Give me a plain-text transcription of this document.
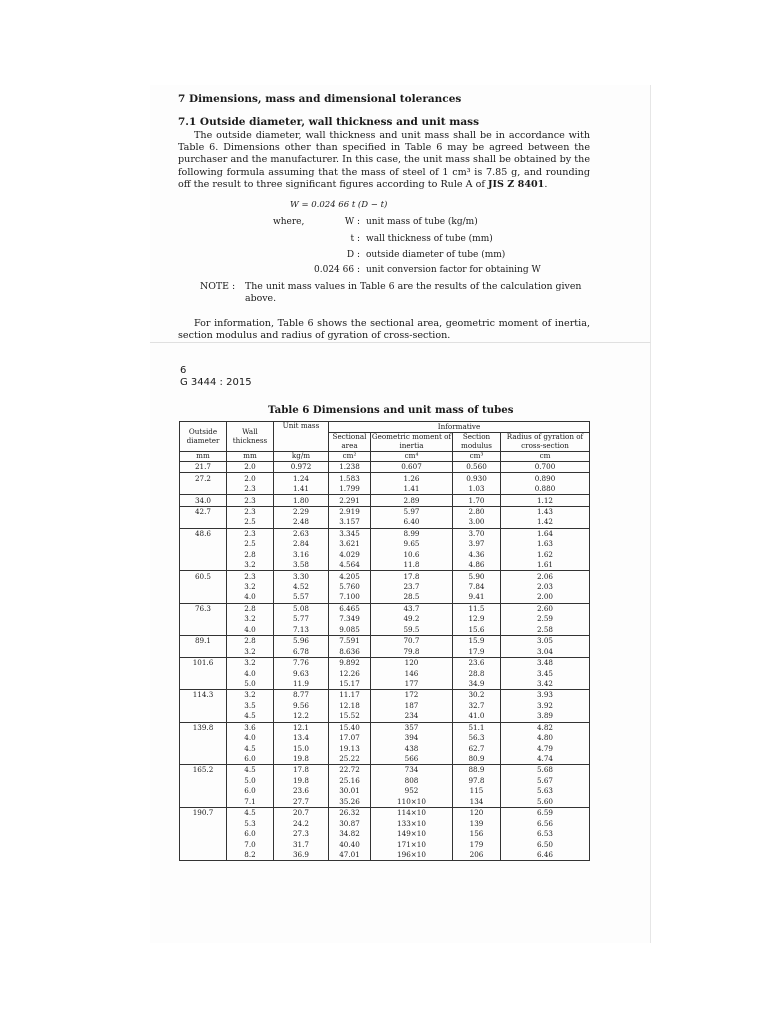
7 Dimensions, mass and dimensional tolerances
7.1 Outside diameter, wall thickness and unit mass
The outside diameter, wall thickness and unit mass shall be in accordance with Table 6. Dimensions other than specified in Table 6 may be agreed between the purchaser and the manufacturer. In this case, the unit mass shall be obtained by the following formula assuming that the mass of steel of 1 cm³ is 7.85 g, and rounding off the result to three significant figures according to Rule A of JIS Z 8401.
W = 0.024 66 t (D − t)
where,	W : unit mass of tube (kg/m)
t : wall thickness of tube (mm)
D : outside diameter of tube (mm)
0.024 66 : unit conversion factor for obtaining W
NOTE : The unit mass values in Table 6 are the results of the calculation given above.
For information, Table 6 shows the sectional area, geometric moment of inertia, section modulus and radius of gyration of cross-section.
6
G 3444 : 2015
Table 6 Dimensions and unit mass of tubes
Outside diameter	Wall thickness	Unit mass	Informative			
			Sectional area	Geometric moment of inertia	Section modulus	Radius of gyration of cross-section
mm	mm	kg/m	cm²	cm⁴	cm³	cm
21.7	2.0	0.972	1.238	0.607	0.560	0.700
27.2	2.0	1.24	1.583	1.26	0.930	0.890
	2.3	1.41	1.799	1.41	1.03	0.880
34.0	2.3	1.80	2.291	2.89	1.70	1.12
42.7	2.3	2.29	2.919	5.97	2.80	1.43
	2.5	2.48	3.157	6.40	3.00	1.42
48.6	2.3	2.63	3.345	8.99	3.70	1.64
	2.5	2.84	3.621	9.65	3.97	1.63
	2.8	3.16	4.029	10.6	4.36	1.62
	3.2	3.58	4.564	11.8	4.86	1.61
60.5	2.3	3.30	4.205	17.8	5.90	2.06
	3.2	4.52	5.760	23.7	7.84	2.03
	4.0	5.57	7.100	28.5	9.41	2.00
76.3	2.8	5.08	6.465	43.7	11.5	2.60
	3.2	5.77	7.349	49.2	12.9	2.59
	4.0	7.13	9.085	59.5	15.6	2.58
89.1	2.8	5.96	7.591	70.7	15.9	3.05
	3.2	6.78	8.636	79.8	17.9	3.04
101.6	3.2	7.76	9.892	120	23.6	3.48
	4.0	9.63	12.26	146	28.8	3.45
	5.0	11.9	15.17	177	34.9	3.42
114.3	3.2	8.77	11.17	172	30.2	3.93
	3.5	9.56	12.18	187	32.7	3.92
	4.5	12.2	15.52	234	41.0	3.89
139.8	3.6	12.1	15.40	357	51.1	4.82
	4.0	13.4	17.07	394	56.3	4.80
	4.5	15.0	19.13	438	62.7	4.79
	6.0	19.8	25.22	566	80.9	4.74
165.2	4.5	17.8	22.72	734	88.9	5.68
	5.0	19.8	25.16	808	97.8	5.67
	6.0	23.6	30.01	952	115	5.63
	7.1	27.7	35.26	110×10	134	5.60
190.7	4.5	20.7	26.32	114×10	120	6.59
	5.3	24.2	30.87	133×10	139	6.56
	6.0	27.3	34.82	149×10	156	6.53
	7.0	31.7	40.40	171×10	179	6.50
	8.2	36.9	47.01	196×10	206	6.46
